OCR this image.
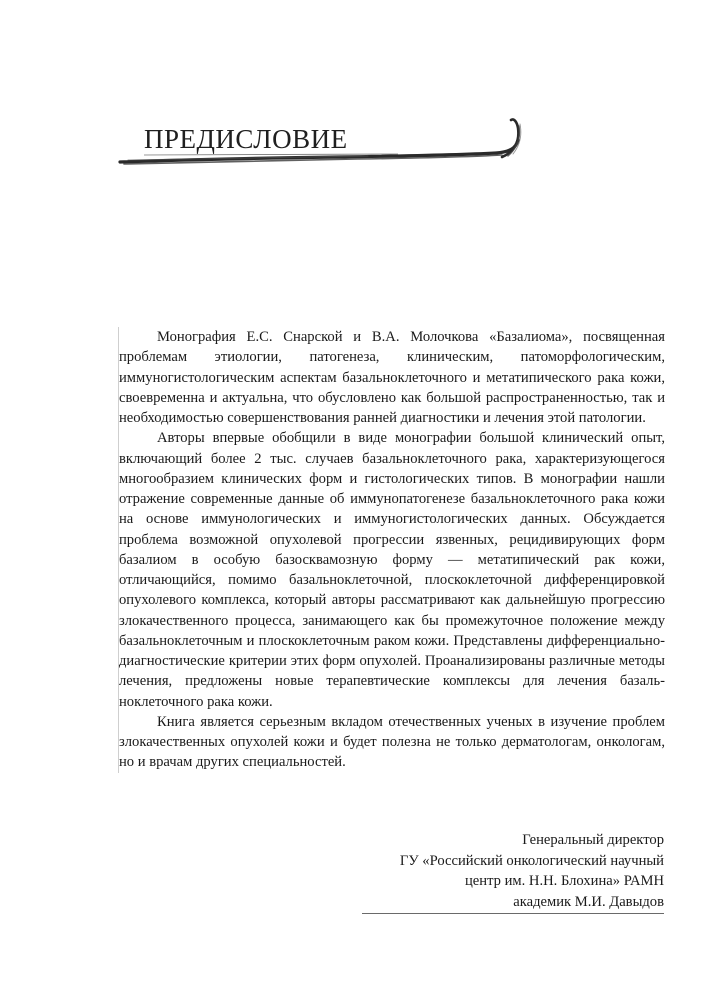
ПРЕДИСЛОВИЕ

Монография Е.С. Снарской и В.А. Молочкова «Базалиома», посвященная проблемам этиологии, патогенеза, клиническим, патоморфологическим, иммуногистологическим аспектам базальноклеточного и метатипического рака кожи, своевременна и актуальна, что обусловлено как большой распространенностью, так и необходимостью совершенствования ранней диагностики и лечения этой патологии.

Авторы впервые обобщили в виде монографии большой клинический опыт, включающий более 2 тыс. случаев базальноклеточного рака, характеризующегося многообразием клинических форм и гистологических типов. В монографии нашли отражение современные данные об иммунопатогенезе базальноклеточного рака кожи на основе иммунологических и иммуногистологических данных. Обсуждается проблема возможной опухолевой прогрессии язвенных, рецидивирующих форм базалиом в особую базосквамозную форму — метатипический рак кожи, отличающийся, помимо базальноклеточной, плоскоклеточной дифференцировкой опухолевого комплекса, который авторы рассматривают как дальнейшую прогрессию злокачественного процесса, занимающего как бы промежуточное положение между базальноклеточным и плоскоклеточным раком кожи. Представлены дифференциально-диагностические критерии этих форм опухолей. Проанализированы различные методы лечения, предложены новые терапевтические комплексы для лечения базальноклеточного рака кожи.

Книга является серьезным вкладом отечественных ученых в изучение проблем злокачественных опухолей кожи и будет полезна не только дерматологам, онкологам, но и врачам других специальностей.

Генеральный директор
ГУ «Российский онкологический научный
центр им. Н.Н. Блохина» РАМН
академик М.И. Давыдов
